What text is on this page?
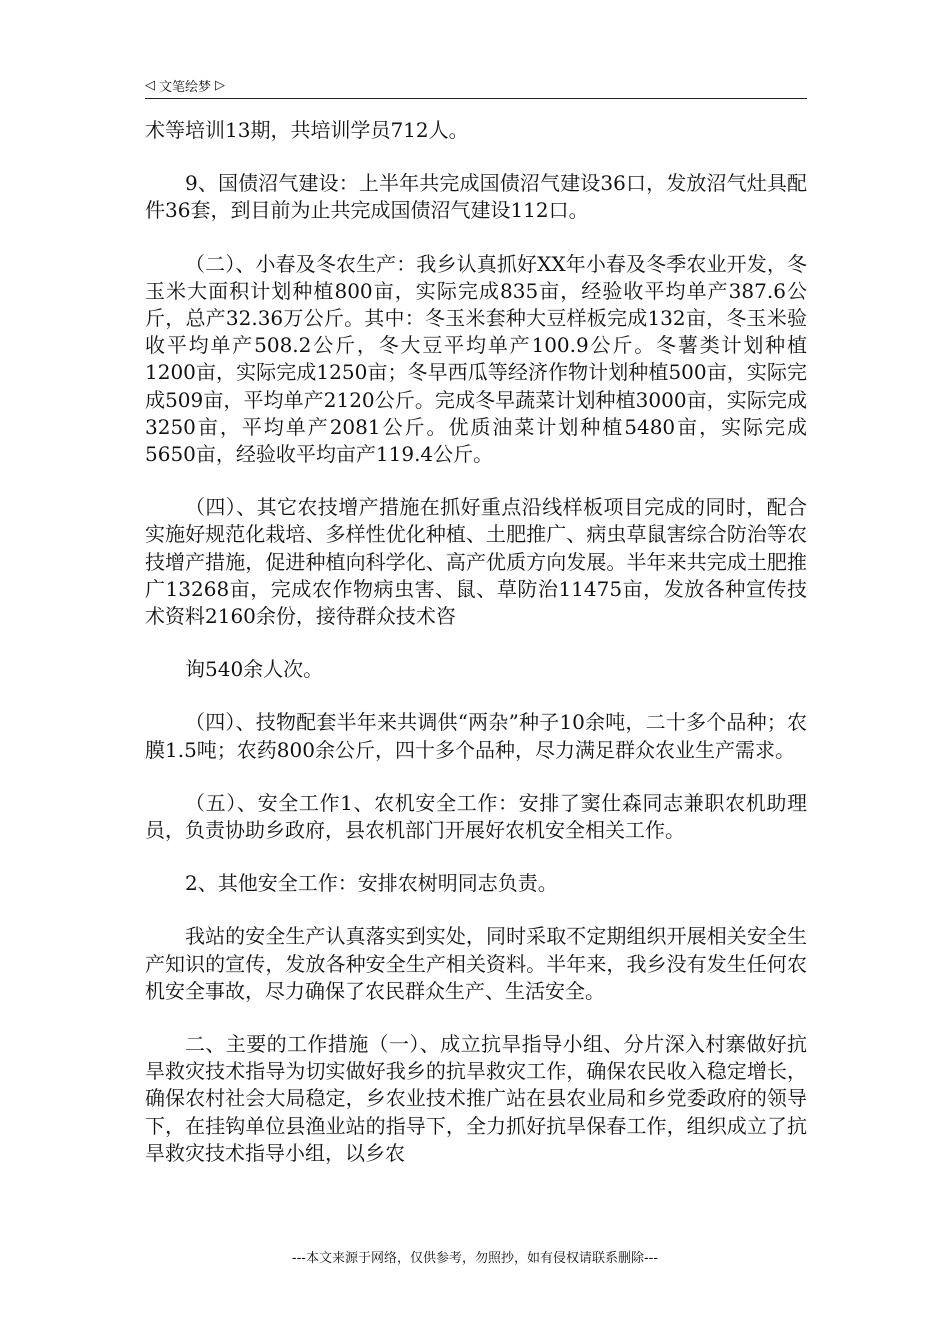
◁ 文笔绘梦 ▷

术等培训13期，共培训学员712人。

9、国债沼气建设：上半年共完成国债沼气建设36口，发放沼气灶具配件36套，到目前为止共完成国债沼气建设112口。

（二）、小春及冬农生产：我乡认真抓好XX年小春及冬季农业开发，冬玉米大面积计划种植800亩，实际完成835亩，经验收平均单产387.6公斤，总产32.36万公斤。其中：冬玉米套种大豆样板完成132亩，冬玉米验收平均单产508.2公斤，冬大豆平均单产100.9公斤。冬薯类计划种植1200亩，实际完成1250亩；冬早西瓜等经济作物计划种植500亩，实际完成509亩，平均单产2120公斤。完成冬早蔬菜计划种植3000亩，实际完成3250亩，平均单产2081公斤。优质油菜计划种植5480亩，实际完成5650亩，经验收平均亩产119.4公斤。

（四）、其它农技增产措施在抓好重点沿线样板项目完成的同时，配合实施好规范化栽培、多样性优化种植、土肥推广、病虫草鼠害综合防治等农技增产措施，促进种植向科学化、高产优质方向发展。半年来共完成土肥推广13268亩，完成农作物病虫害、鼠、草防治11475亩，发放各种宣传技术资料2160余份，接待群众技术咨

询540余人次。

（四）、技物配套半年来共调供“两杂”种子10余吨，二十多个品种；农膜1.5吨；农药800余公斤，四十多个品种，尽力满足群众农业生产需求。

（五）、安全工作1、农机安全工作：安排了窦仕森同志兼职农机助理员，负责协助乡政府，县农机部门开展好农机安全相关工作。

2、其他安全工作：安排农树明同志负责。

我站的安全生产认真落实到实处，同时采取不定期组织开展相关安全生产知识的宣传，发放各种安全生产相关资料。半年来，我乡没有发生任何农机安全事故，尽力确保了农民群众生产、生活安全。

二、主要的工作措施（一）、成立抗旱指导小组、分片深入村寨做好抗旱救灾技术指导为切实做好我乡的抗旱救灾工作，确保农民收入稳定增长，确保农村社会大局稳定，乡农业技术推广站在县农业局和乡党委政府的领导下，在挂钩单位县渔业站的指导下，全力抓好抗旱保春工作，组织成立了抗旱救灾技术指导小组，以乡农

---本文来源于网络，仅供参考，勿照抄，如有侵权请联系删除---
